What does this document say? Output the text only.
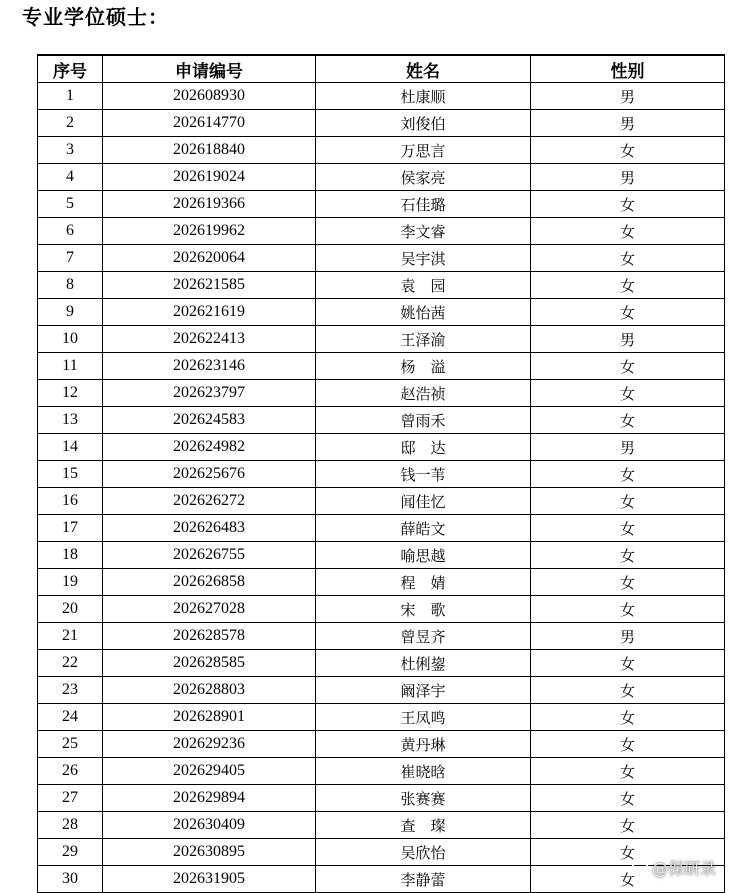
专业学位硕士：
序号	申请编号	姓名	性别
1	202608930	杜康顺	男
2	202614770	刘俊伯	男
3	202618840	万思言	女
4	202619024	侯家亮	男
5	202619366	石佳璐	女
6	202619962	李文睿	女
7	202620064	吴宇淇	女
8	202621585	袁　园	女
9	202621619	姚怡茜	女
10	202622413	王泽渝	男
11	202623146	杨　溢	女
12	202623797	赵浩祯	女
13	202624583	曾雨禾	女
14	202624982	邸　达	男
15	202625676	钱一苇	女
16	202626272	闻佳忆	女
17	202626483	薛皓文	女
18	202626755	喻思越	女
19	202626858	程　婧	女
20	202627028	宋　歌	女
21	202628578	曾昱齐	男
22	202628585	杜俐鋆	女
23	202628803	阚泽宇	女
24	202628901	王凤鸣	女
25	202629236	黄丹琳	女
26	202629405	崔晓晗	女
27	202629894	张赛赛	女
28	202630409	查　璨	女
29	202630895	吴欣怡	女
30	202631905	李静蕾	女
@保研录
